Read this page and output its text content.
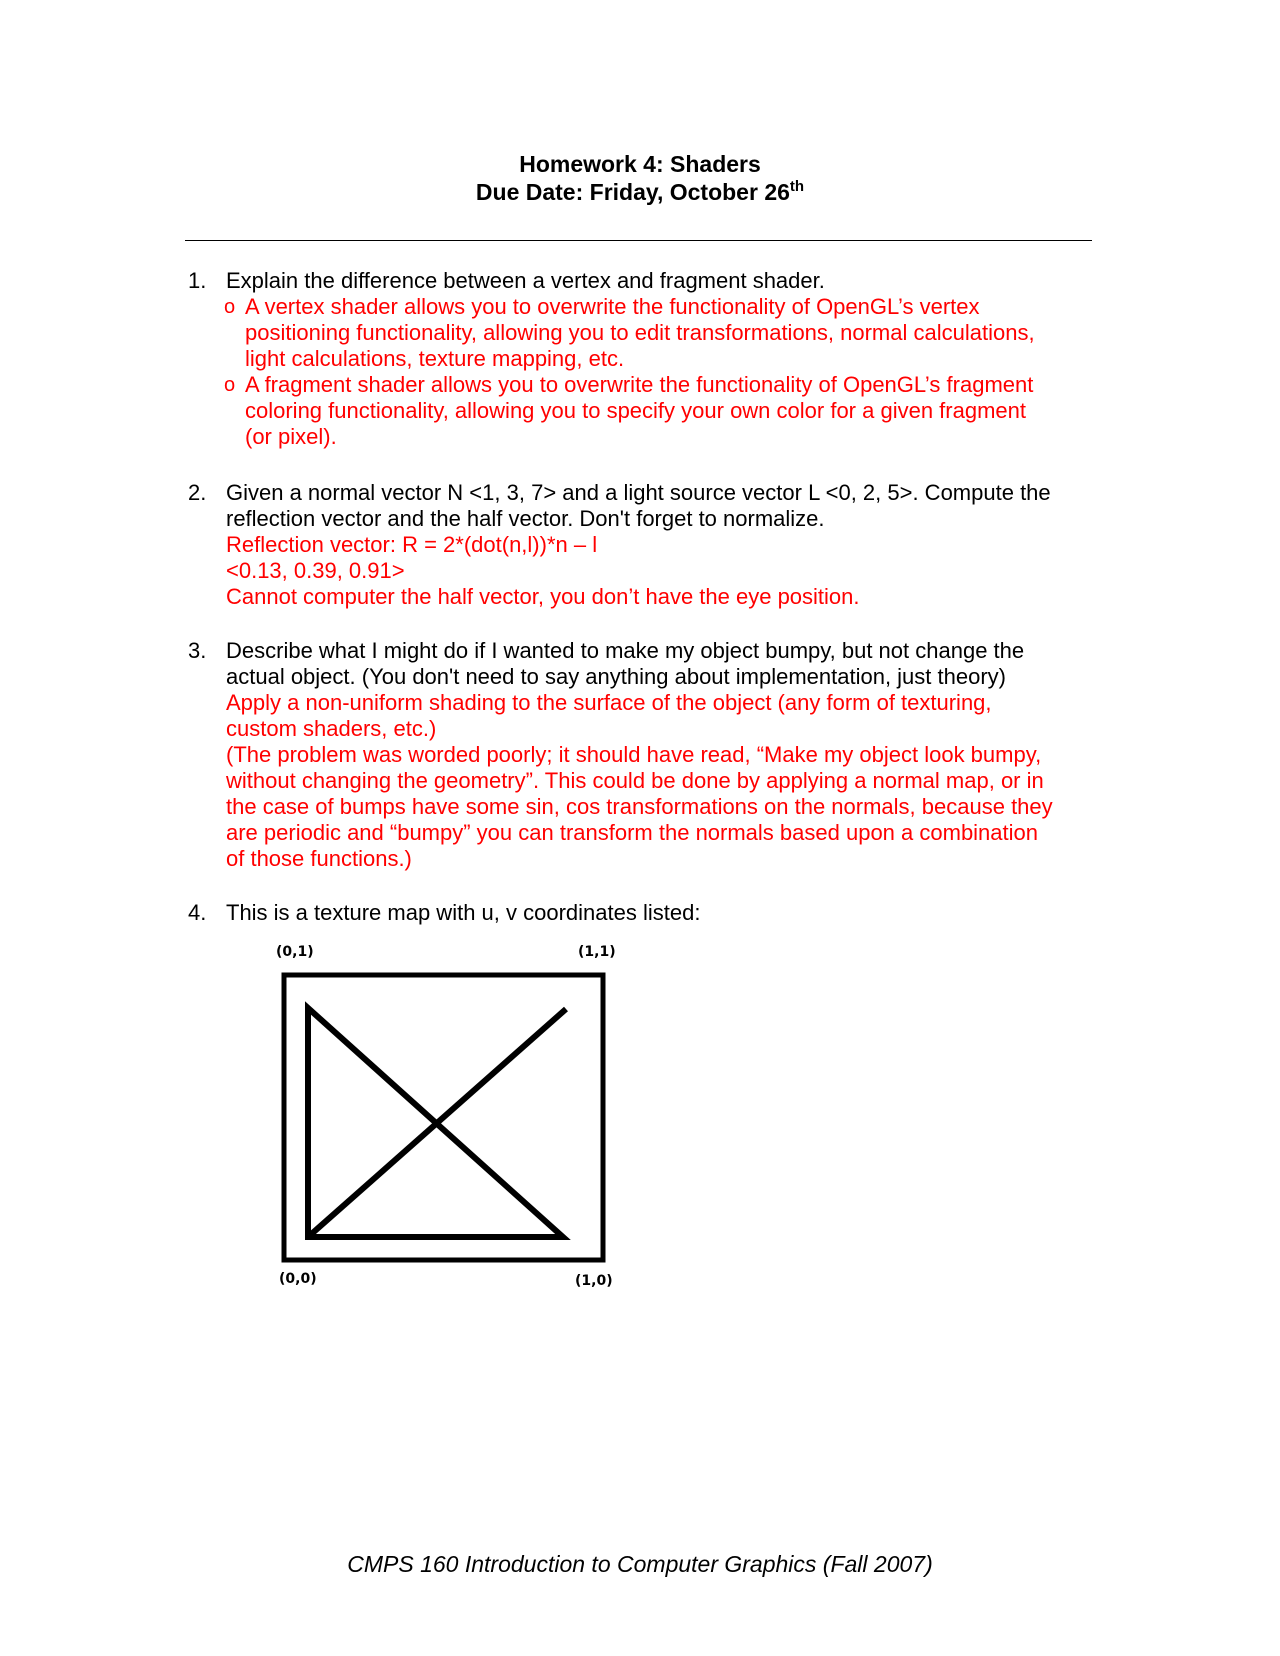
Homework 4: Shaders
Due Date: Friday, October 26th
1. Explain the difference between a vertex and fragment shader.
o A vertex shader allows you to overwrite the functionality of OpenGL’s vertex
positioning functionality, allowing you to edit transformations, normal calculations,
light calculations, texture mapping, etc.
o A fragment shader allows you to overwrite the functionality of OpenGL’s fragment
coloring functionality, allowing you to specify your own color for a given fragment
(or pixel).
2. Given a normal vector N <1, 3, 7> and a light source vector L <0, 2, 5>. Compute the
reflection vector and the half vector. Don't forget to normalize.
Reflection vector: R = 2*(dot(n,l))*n – l
<0.13, 0.39, 0.91>
Cannot computer the half vector, you don’t have the eye position.
3. Describe what I might do if I wanted to make my object bumpy, but not change the
actual object. (You don't need to say anything about implementation, just theory)
Apply a non-uniform shading to the surface of the object (any form of texturing,
custom shaders, etc.)
(The problem was worded poorly; it should have read, “Make my object look bumpy,
without changing the geometry”. This could be done by applying a normal map, or in
the case of bumps have some sin, cos transformations on the normals, because they
are periodic and “bumpy” you can transform the normals based upon a combination
of those functions.)
4. This is a texture map with u, v coordinates listed:
(0,1)	(1,1)
(0,0)	(1,0)
CMPS 160 Introduction to Computer Graphics (Fall 2007)
